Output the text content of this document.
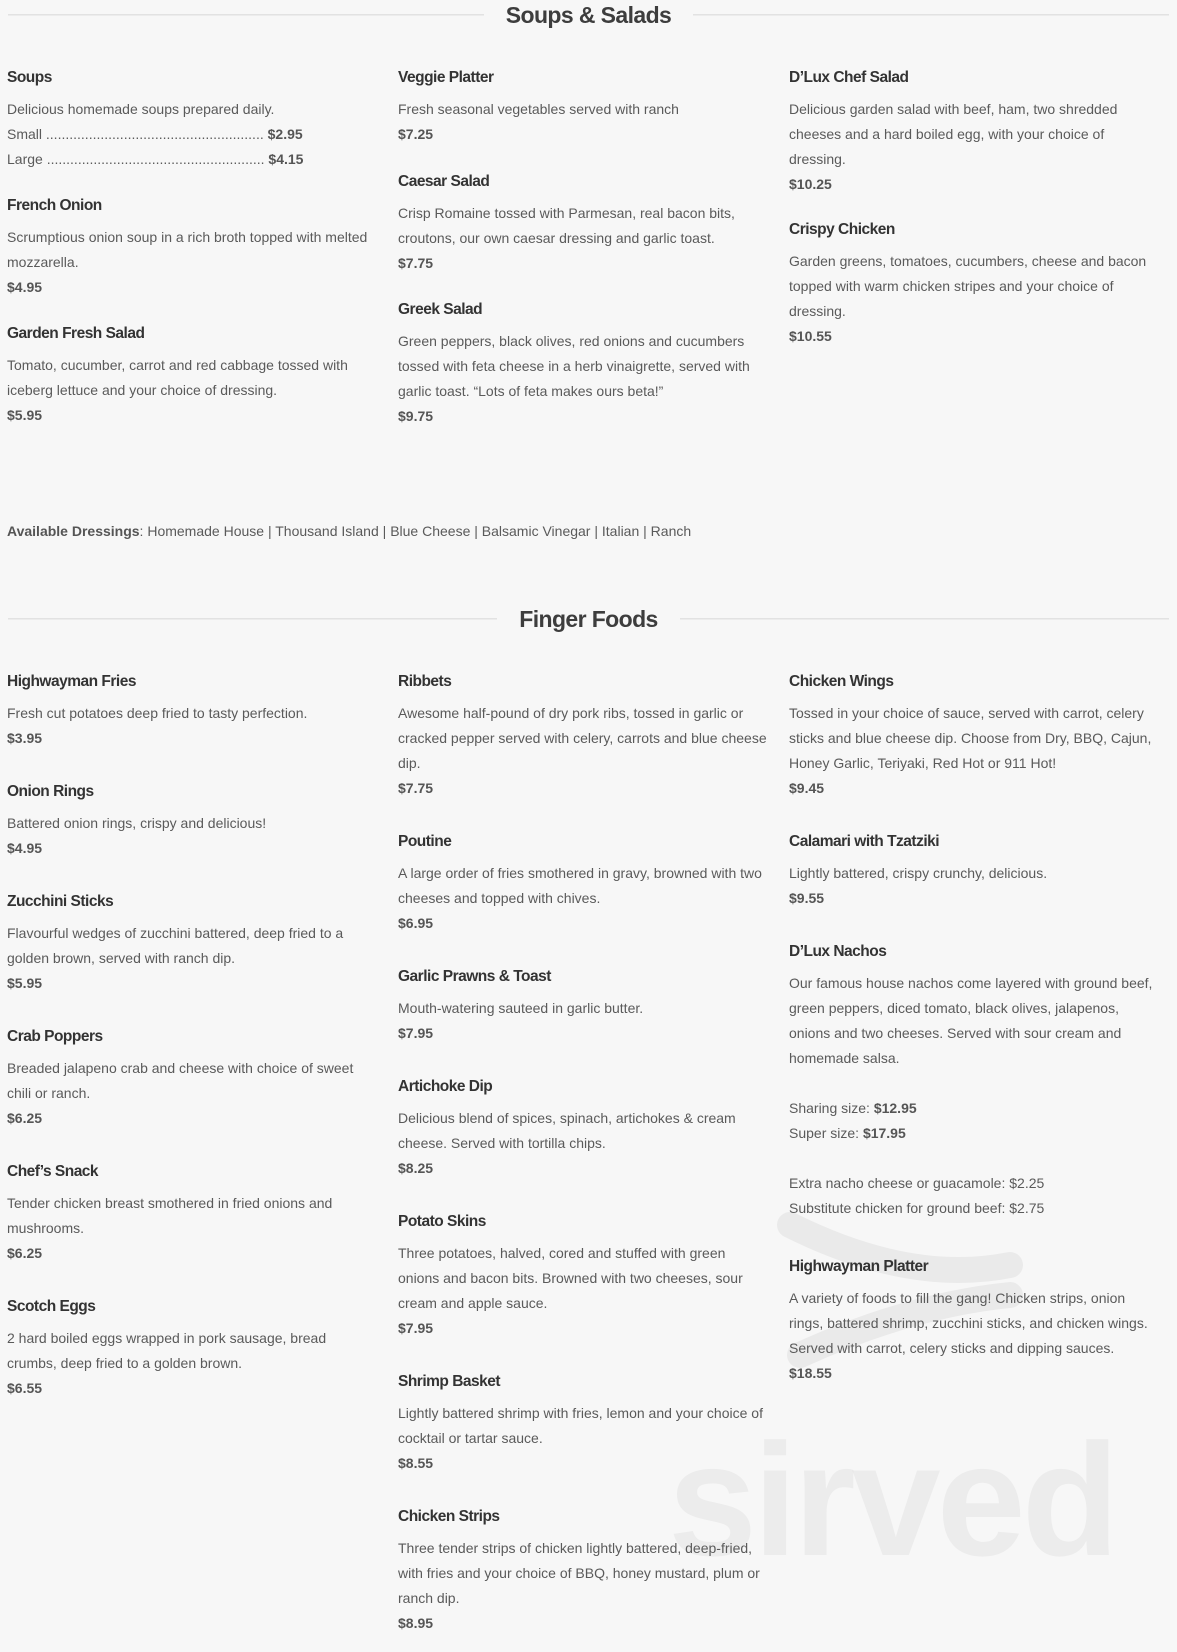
Soups & Salads
Soups
Delicious homemade soups prepared daily.
Small ........................................................ $2.95
Large ........................................................ $4.15
French Onion
Scrumptious onion soup in a rich broth topped with melted mozzarella.
$4.95
Garden Fresh Salad
Tomato, cucumber, carrot and red cabbage tossed with iceberg lettuce and your choice of dressing.
$5.95
Veggie Platter
Fresh seasonal vegetables served with ranch
$7.25
Caesar Salad
Crisp Romaine tossed with Parmesan, real bacon bits, croutons, our own caesar dressing and garlic toast.
$7.75
Greek Salad
Green peppers, black olives, red onions and cucumbers tossed with feta cheese in a herb vinaigrette, served with garlic toast. “Lots of feta makes ours beta!”
$9.75
D’Lux Chef Salad
Delicious garden salad with beef, ham, two shredded cheeses and a hard boiled egg, with your choice of dressing.
$10.25
Crispy Chicken
Garden greens, tomatoes, cucumbers, cheese and bacon topped with warm chicken stripes and your choice of dressing.
$10.55
Available Dressings: Homemade House | Thousand Island | Blue Cheese | Balsamic Vinegar | Italian | Ranch
Finger Foods
Highwayman Fries
Fresh cut potatoes deep fried to tasty perfection.
$3.95
Onion Rings
Battered onion rings, crispy and delicious!
$4.95
Zucchini Sticks
Flavourful wedges of zucchini battered, deep fried to a golden brown, served with ranch dip.
$5.95
Crab Poppers
Breaded jalapeno crab and cheese with choice of sweet chili or ranch.
$6.25
Chef’s Snack
Tender chicken breast smothered in fried onions and mushrooms.
$6.25
Scotch Eggs
2 hard boiled eggs wrapped in pork sausage, bread crumbs, deep fried to a golden brown.
$6.55
Ribbets
Awesome half-pound of dry pork ribs, tossed in garlic or cracked pepper served with celery, carrots and blue cheese dip.
$7.75
Poutine
A large order of fries smothered in gravy, browned with two cheeses and topped with chives.
$6.95
Garlic Prawns & Toast
Mouth-watering sauteed in garlic butter.
$7.95
Artichoke Dip
Delicious blend of spices, spinach, artichokes & cream cheese. Served with tortilla chips.
$8.25
Potato Skins
Three potatoes, halved, cored and stuffed with green onions and bacon bits. Browned with two cheeses, sour cream and apple sauce.
$7.95
Shrimp Basket
Lightly battered shrimp with fries, lemon and your choice of cocktail or tartar sauce.
$8.55
Chicken Strips
Three tender strips of chicken lightly battered, deep-fried, with fries and your choice of BBQ, honey mustard, plum or ranch dip.
$8.95
Chicken Wings
Tossed in your choice of sauce, served with carrot, celery sticks and blue cheese dip. Choose from Dry, BBQ, Cajun, Honey Garlic, Teriyaki, Red Hot or 911 Hot!
$9.45
Calamari with Tzatziki
Lightly battered, crispy crunchy, delicious.
$9.55
D’Lux Nachos
Our famous house nachos come layered with ground beef, green peppers, diced tomato, black olives, jalapenos, onions and two cheeses. Served with sour cream and homemade salsa.
Sharing size: $12.95
Super size: $17.95
Extra nacho cheese or guacamole: $2.25
Substitute chicken for ground beef: $2.75
Highwayman Platter
A variety of foods to fill the gang! Chicken strips, onion rings, battered shrimp, zucchini sticks, and chicken wings. Served with carrot, celery sticks and dipping sauces.
$18.55
